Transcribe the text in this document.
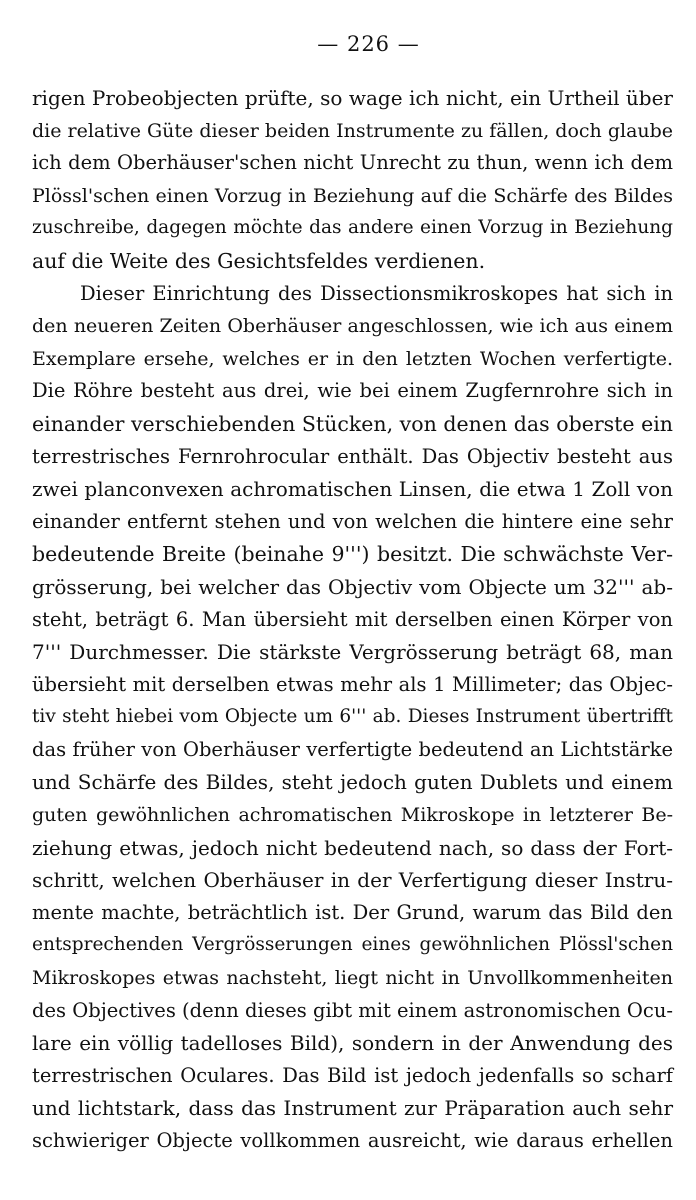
— 226 —
rigen Probeobjecten prüfte, so wage ich nicht, ein Urtheil über
die relative Güte dieser beiden Instrumente zu fällen, doch glaube
ich dem Oberhäuser'schen nicht Unrecht zu thun, wenn ich dem
Plössl'schen einen Vorzug in Beziehung auf die Schärfe des Bildes
zuschreibe, dagegen möchte das andere einen Vorzug in Beziehung
auf die Weite des Gesichtsfeldes verdienen.
Dieser Einrichtung des Dissectionsmikroskopes hat sich in
den neueren Zeiten Oberhäuser angeschlossen, wie ich aus einem
Exemplare ersehe, welches er in den letzten Wochen verfertigte.
Die Röhre besteht aus drei, wie bei einem Zugfernrohre sich in
einander verschiebenden Stücken, von denen das oberste ein
terrestrisches Fernrohrocular enthält. Das Objectiv besteht aus
zwei planconvexen achromatischen Linsen, die etwa 1 Zoll von
einander entfernt stehen und von welchen die hintere eine sehr
bedeutende Breite (beinahe 9''') besitzt. Die schwächste Ver-
grösserung, bei welcher das Objectiv vom Objecte um 32''' ab-
steht, beträgt 6. Man übersieht mit derselben einen Körper von
7''' Durchmesser. Die stärkste Vergrösserung beträgt 68, man
übersieht mit derselben etwas mehr als 1 Millimeter; das Objec-
tiv steht hiebei vom Objecte um 6''' ab. Dieses Instrument übertrifft
das früher von Oberhäuser verfertigte bedeutend an Lichtstärke
und Schärfe des Bildes, steht jedoch guten Dublets und einem
guten gewöhnlichen achromatischen Mikroskope in letzterer Be-
ziehung etwas, jedoch nicht bedeutend nach, so dass der Fort-
schritt, welchen Oberhäuser in der Verfertigung dieser Instru-
mente machte, beträchtlich ist. Der Grund, warum das Bild den
entsprechenden Vergrösserungen eines gewöhnlichen Plössl'schen
Mikroskopes etwas nachsteht, liegt nicht in Unvollkommenheiten
des Objectives (denn dieses gibt mit einem astronomischen Ocu-
lare ein völlig tadelloses Bild), sondern in der Anwendung des
terrestrischen Oculares. Das Bild ist jedoch jedenfalls so scharf
und lichtstark, dass das Instrument zur Präparation auch sehr
schwieriger Objecte vollkommen ausreicht, wie daraus erhellen
